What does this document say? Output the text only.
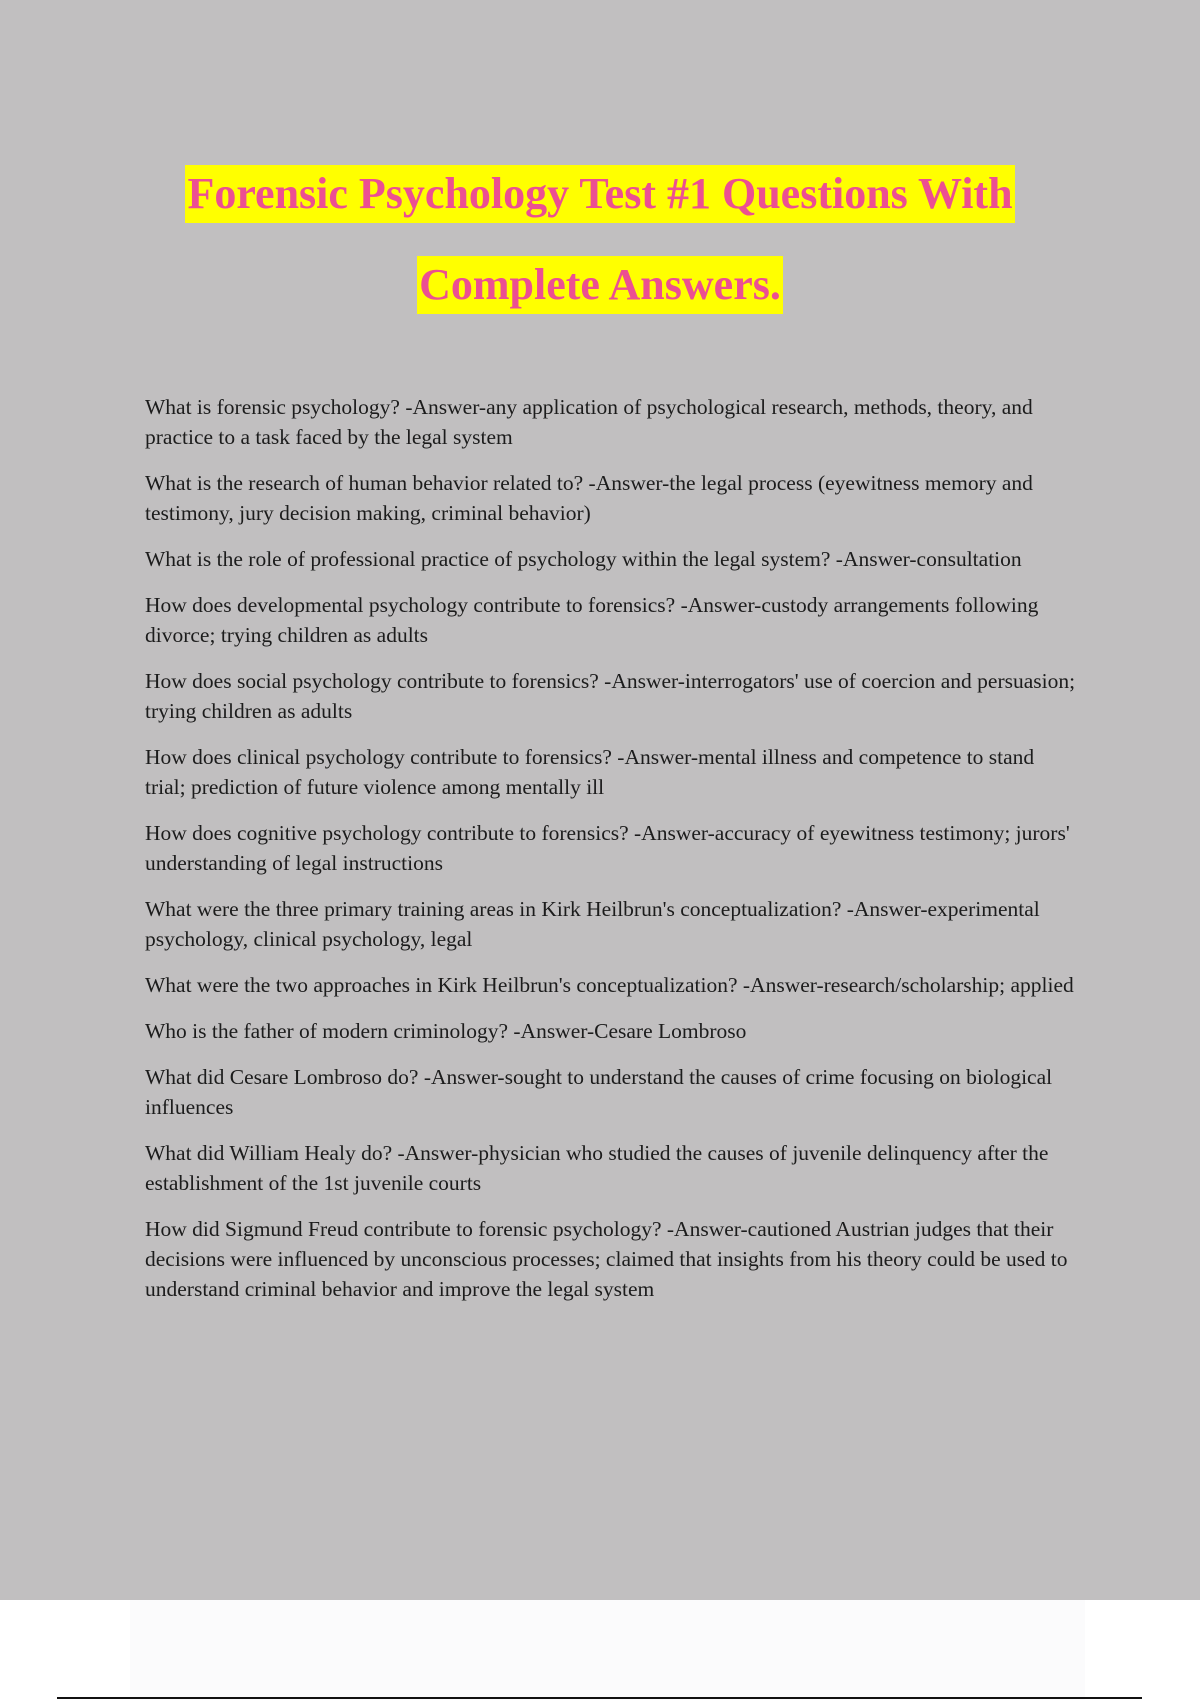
Forensic Psychology Test #1 Questions With
Complete Answers.

What is forensic psychology? -Answer-any application of psychological research, methods, theory, and practice to a task faced by the legal system

What is the research of human behavior related to? -Answer-the legal process (eyewitness memory and testimony, jury decision making, criminal behavior)

What is the role of professional practice of psychology within the legal system? -Answer-consultation

How does developmental psychology contribute to forensics? -Answer-custody arrangements following divorce; trying children as adults

How does social psychology contribute to forensics? -Answer-interrogators' use of coercion and persuasion; trying children as adults

How does clinical psychology contribute to forensics? -Answer-mental illness and competence to stand trial; prediction of future violence among mentally ill

How does cognitive psychology contribute to forensics? -Answer-accuracy of eyewitness testimony; jurors' understanding of legal instructions

What were the three primary training areas in Kirk Heilbrun's conceptualization? -Answer-experimental psychology, clinical psychology, legal

What were the two approaches in Kirk Heilbrun's conceptualization? -Answer-research/scholarship; applied

Who is the father of modern criminology? -Answer-Cesare Lombroso

What did Cesare Lombroso do? -Answer-sought to understand the causes of crime focusing on biological influences

What did William Healy do? -Answer-physician who studied the causes of juvenile delinquency after the establishment of the 1st juvenile courts

How did Sigmund Freud contribute to forensic psychology? -Answer-cautioned Austrian judges that their decisions were influenced by unconscious processes; claimed that insights from his theory could be used to understand criminal behavior and improve the legal system
